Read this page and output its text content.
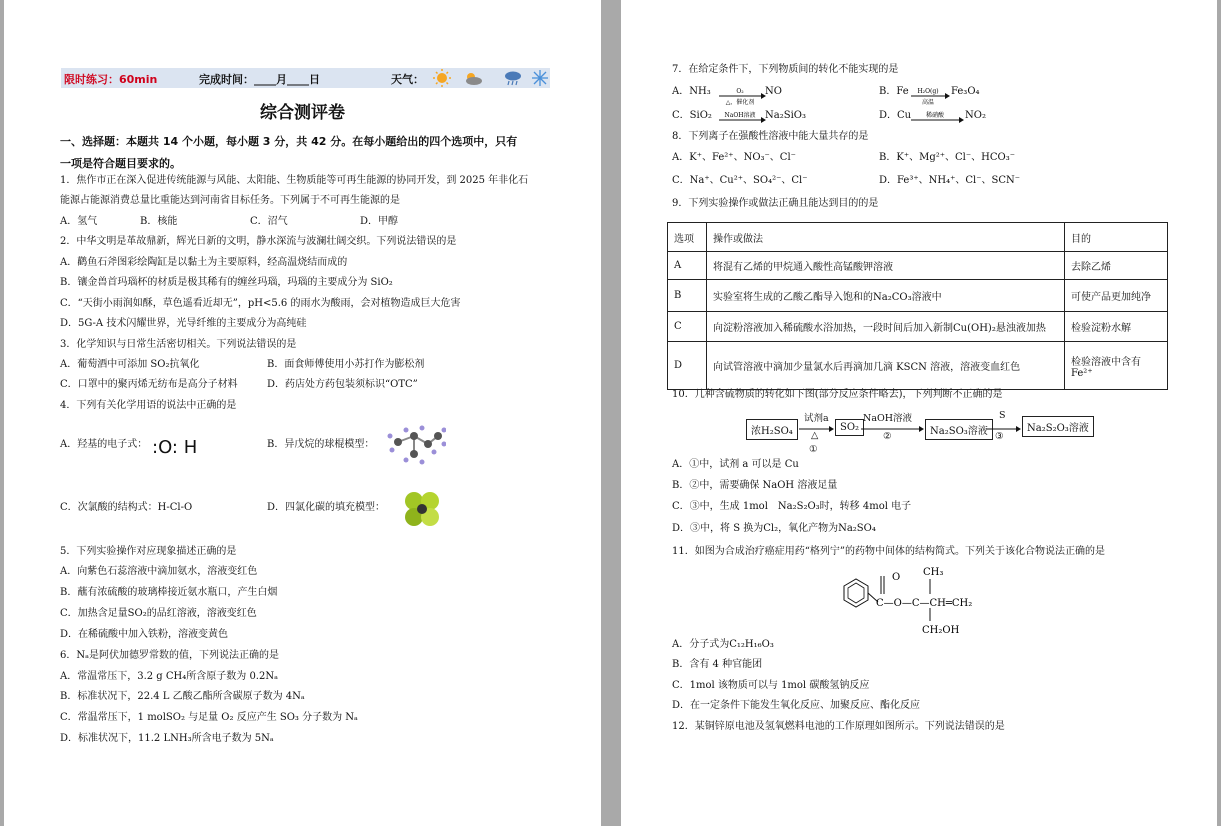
限时练习：60min	完成时间：____月____日	天气：
综合测评卷
一、选择题：本题共 14 个小题，每小题 3 分，共 42 分。在每小题给出的四个选项中，只有
一项是符合题目要求的。
1．焦作市正在深入促进传统能源与风能、太阳能、生物质能等可再生能源的协同开发，到 2025 年非化石
能源占能源消费总量比重能达到河南省目标任务。下列属于不可再生能源的是
A．氢气	B．核能	C．沼气	D．甲醇
2．中华文明是革故鼎新，辉光日新的文明，静水深流与波澜壮阔交织。下列说法错误的是
A．鹳鱼石斧图彩绘陶缸是以黏土为主要原料，经高温烧结而成的
B．镶金兽首玛瑙杯的材质是极其稀有的缠丝玛瑙，玛瑙的主要成分为 SiO₂
C．“天街小雨润如酥，草色遥看近却无”，pH<5.6 的雨水为酸雨，会对植物造成巨大危害
D．5G-A 技术闪耀世界，光导纤维的主要成分为高纯硅
3．化学知识与日常生活密切相关。下列说法错误的是
A．葡萄酒中可添加 SO₂抗氧化	B．面食师傅使用小苏打作为膨松剂
C．口罩中的聚丙烯无纺布是高分子材料	D．药店处方药包装须标识“OTC”
4．下列有关化学用语的说法中正确的是
A．羟基的电子式：	B．异戊烷的球棍模型：
C．次氯酸的结构式：H-Cl-O	D．四氯化碳的填充模型：
5．下列实验操作对应现象描述正确的是
A．向紫色石蕊溶液中滴加氨水，溶液变红色
B．蘸有浓硫酸的玻璃棒接近氨水瓶口，产生白烟
C．加热含足量SO₂的品红溶液，溶液变红色
D．在稀硫酸中加入铁粉，溶液变黄色
6．Nₐ是阿伏加德罗常数的值，下列说法正确的是
A．常温常压下，3.2 g CH₄所含原子数为 0.2Nₐ
B．标准状况下，22.4 L 乙酸乙酯所含碳原子数为 4Nₐ
C．常温常压下，1 molSO₂ 与足量 O₂ 反应产生 SO₃ 分子数为 Nₐ
D．标准状况下，11.2 LNH₃所含电子数为 5Nₐ
:O: H
7．在给定条件下，下列物质间的转化不能实现的是
A．NH₃	NO	B．Fe	Fe₃O₄
C．SiO₂	Na₂SiO₃	D．Cu	NO₂
8．下列离子在强酸性溶液中能大量共存的是
A．K⁺、Fe²⁺、NO₃⁻、Cl⁻	B．K⁺、Mg²⁺、Cl⁻、HCO₃⁻
C．Na⁺、Cu²⁺、SO₄²⁻、Cl⁻	D．Fe³⁺、NH₄⁺、Cl⁻、SCN⁻
9．下列实验操作或做法正确且能达到目的的是
10．几种含硫物质的转化如下图(部分反应条件略去)，下列判断不正确的是
A．①中，试剂 a 可以是 Cu
B．②中，需要确保 NaOH 溶液足量
C．③中，生成 1mol　Na₂S₂O₃时，转移 4mol 电子
D．③中，将 S 换为Cl₂，氧化产物为Na₂SO₄
11．如图为合成治疗癌症用药“格列宁”的药物中间体的结构简式。下列关于该化合物说法正确的是
A．分子式为C₁₂H₁₆O₃
B．含有 4 种官能团
C．1mol 该物质可以与 1mol 碳酸氢钠反应
D．在一定条件下能发生氧化反应、加聚反应、酯化反应
12．某铜锌原电池及氢氧燃料电池的工作原理如图所示。下列说法错误的是
O₂
△、催化剂
H₂O(g)
高温
NaOH溶液	稀硝酸
选项	操作或做法	目的
A	将混有乙烯的甲烷通入酸性高锰酸钾溶液	去除乙烯
B	实验室将生成的乙酸乙酯导入饱和的Na₂CO₃溶液中	可使产品更加纯净
C	向淀粉溶液加入稀硫酸水浴加热，一段时间后加入新制Cu(OH)₂悬浊液加热	检验淀粉水解
D	向试管溶液中滴加少量氯水后再滴加几滴 KSCN 溶液，溶液变血红色	检验溶液中含有Fe²⁺
浓H₂SO₄	SO₂	Na₂SO₃溶液	Na₂S₂O₃溶液
试剂a	NaOH溶液	S
△
①
②	③
O
C—O—C—CH═CH₂
CH₃
CH₂OH
